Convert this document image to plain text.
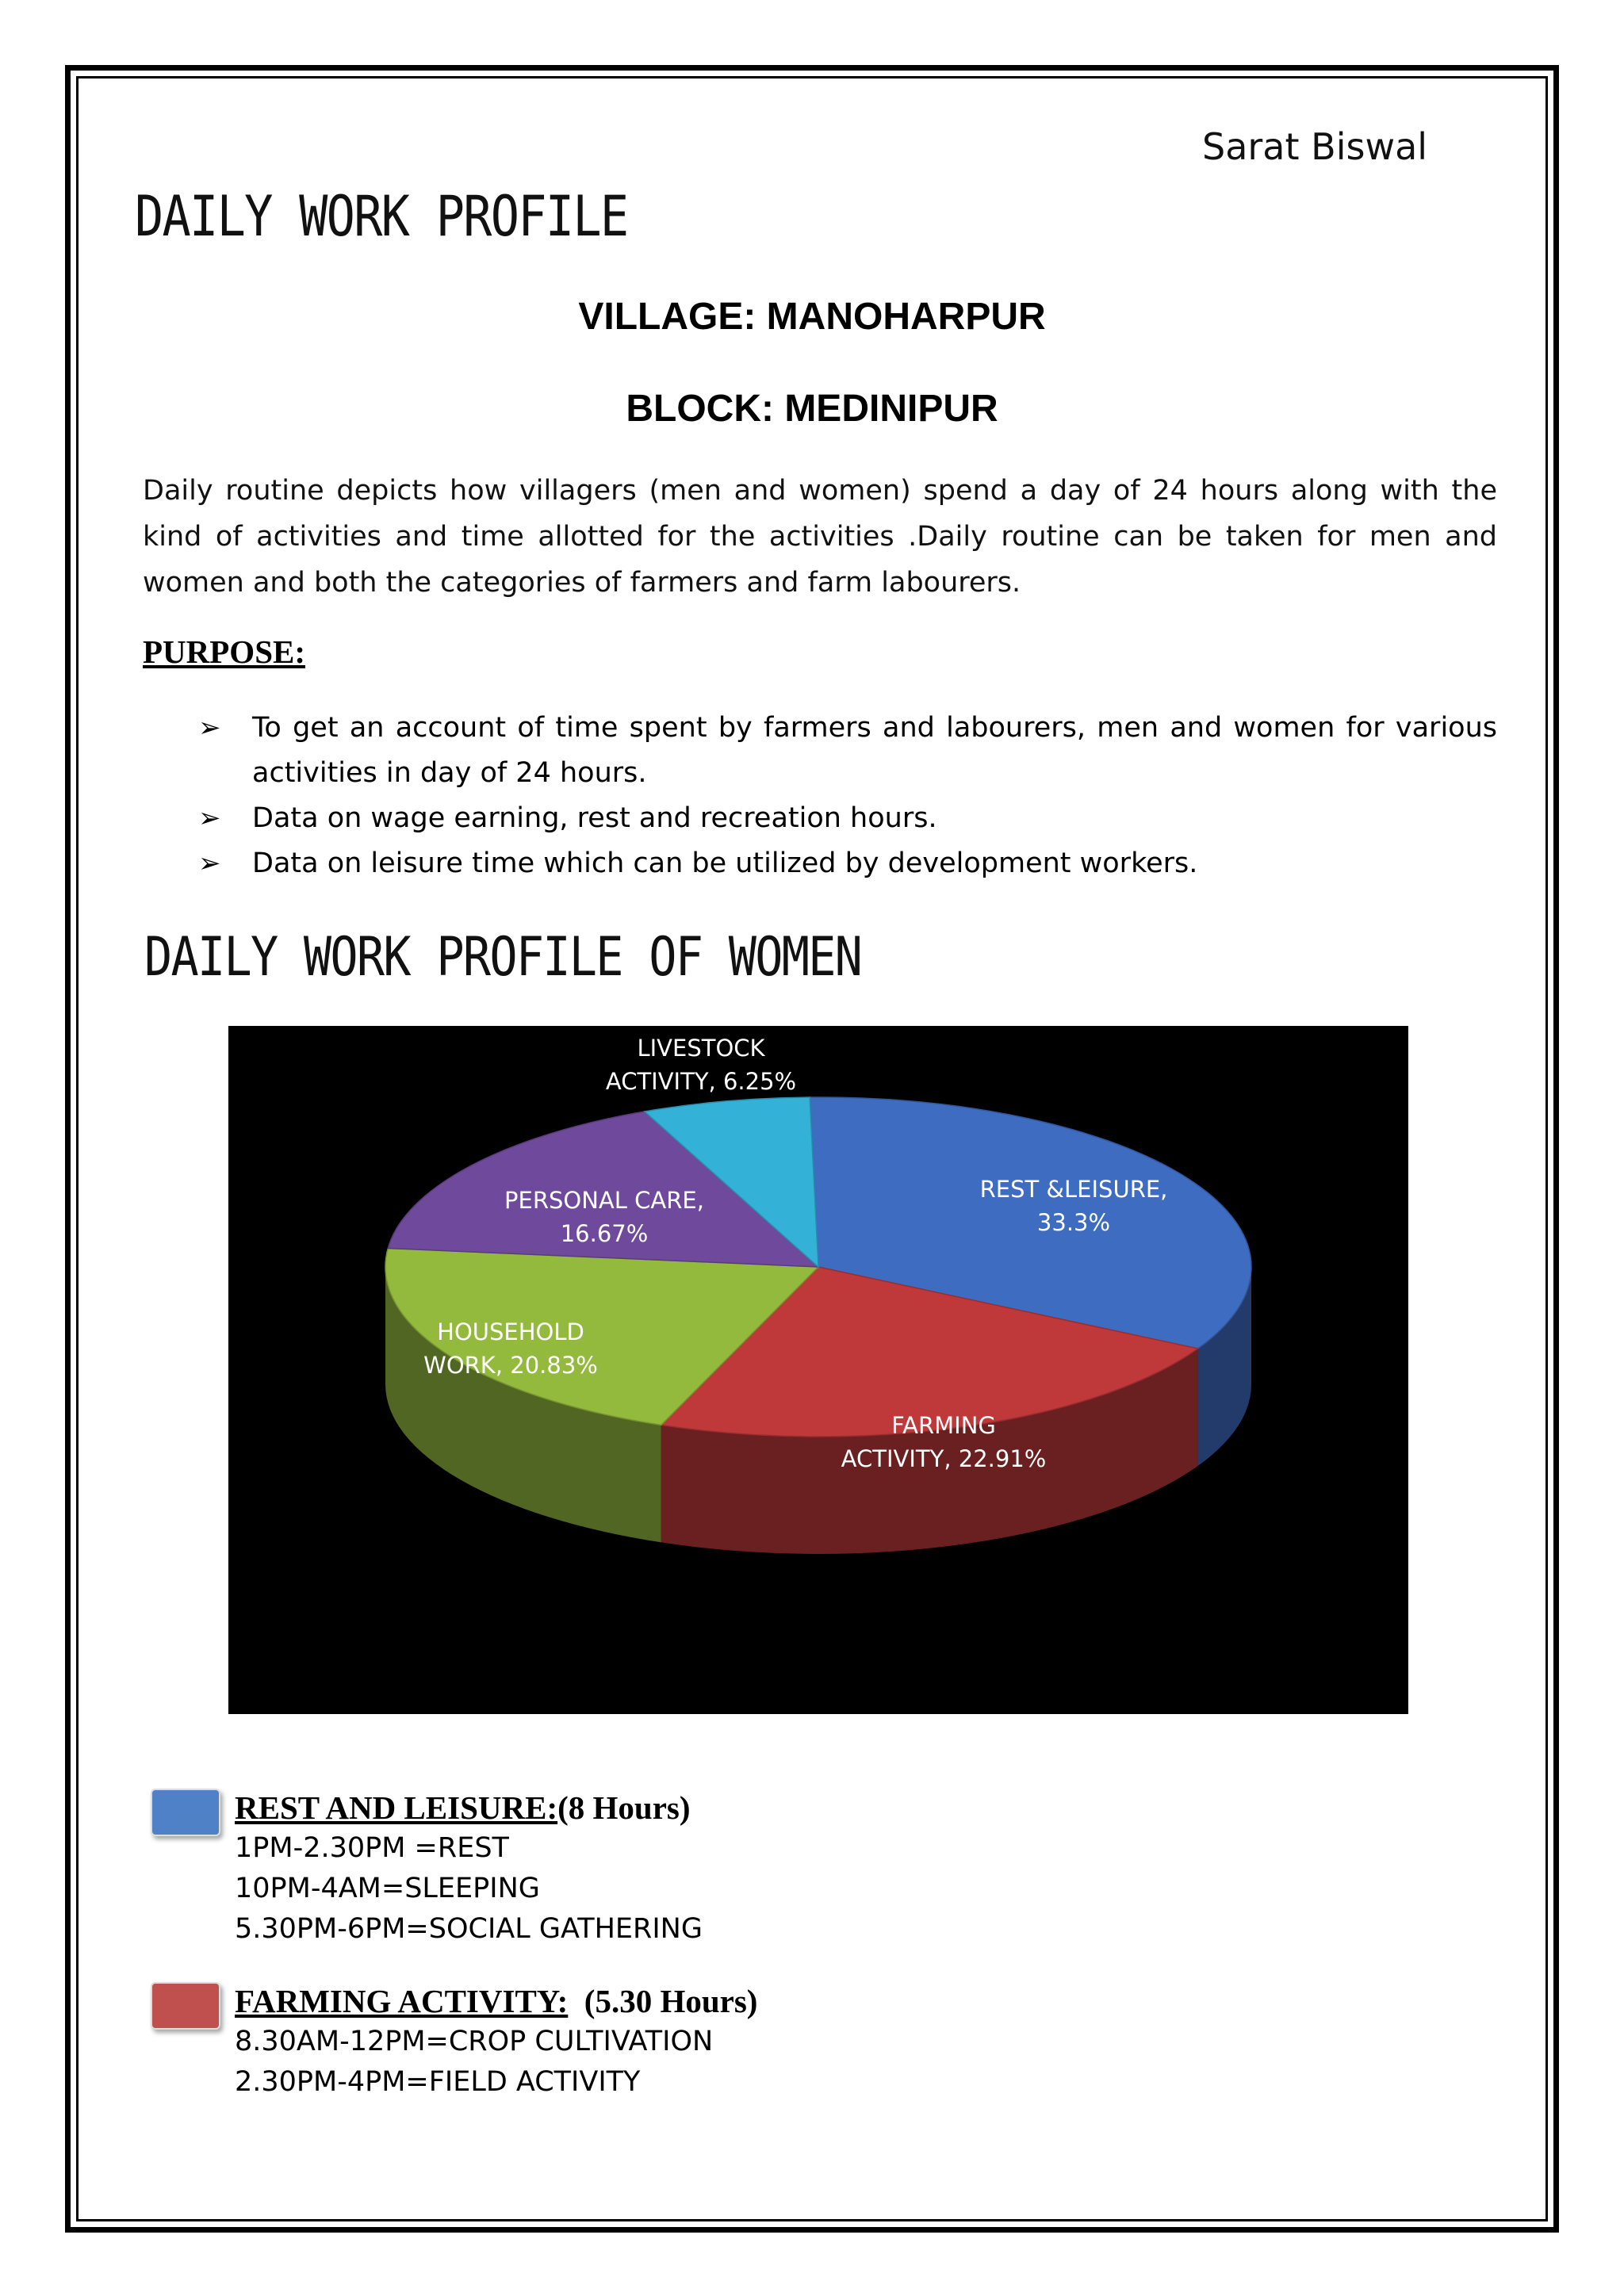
Sarat Biswal
DAILY WORK PROFILE
VILLAGE: MANOHARPUR
BLOCK: MEDINIPUR
Daily routine depicts how villagers (men and women) spend a day of 24 hours along with the kind of activities and time allotted for the activities .Daily routine can be taken for men and women and both the categories of farmers and farm labourers.
PURPOSE:
➢ To get an account of time spent by farmers and labourers, men and women for various activities in day of 24 hours.
➢ Data on wage earning, rest and recreation hours.
➢ Data on leisure time which can be utilized by development workers.
DAILY WORK PROFILE OF WOMEN
REST &LEISURE, 33.3%
FARMING ACTIVITY, 22.91%
HOUSEHOLD WORK, 20.83%
PERSONAL CARE, 16.67%
LIVESTOCK ACTIVITY, 6.25%
REST AND LEISURE:(8 Hours)
1PM-2.30PM =REST
10PM-4AM=SLEEPING
5.30PM-6PM=SOCIAL GATHERING
FARMING ACTIVITY: (5.30 Hours)
8.30AM-12PM=CROP CULTIVATION
2.30PM-4PM=FIELD ACTIVITY
